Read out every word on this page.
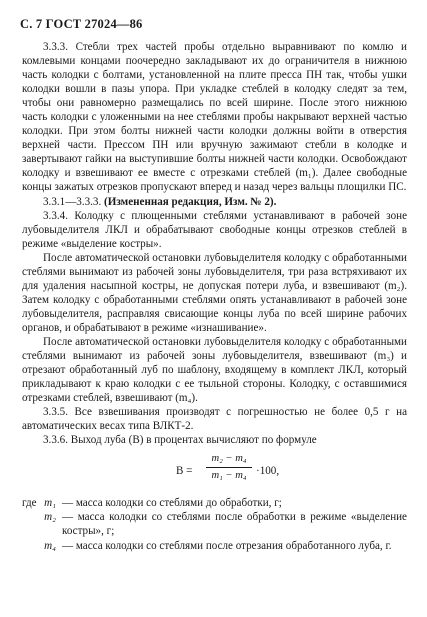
С. 7 ГОСТ 27024—86

3.3.3. Стебли трех частей пробы отдельно выравнивают по комлю и комлевыми концами поочередно закладывают их до ограничителя в нижнюю часть колодки с болтами, установленной на плите пресса ПН так, чтобы ушки колодки вошли в пазы упора. При укладке стеблей в колодку следят за тем, чтобы они равномерно размещались по всей ширине. После этого нижнюю часть колодки с уложенными на нее стеблями пробы накрывают верхней частью колодки. При этом болты нижней части колодки должны войти в отверстия верхней части. Прессом ПН или вручную зажимают стебли в колодке и завертывают гайки на выступившие болты нижней части колодки. Освобождают колодку и взвешивают ее вместе с отрезками стеблей (m₁). Далее свободные концы зажатых отрезков пропускают вперед и назад через вальцы площилки ПС.

3.3.1—3.3.3. (Измененная редакция, Изм. № 2).

3.3.4. Колодку с плющенными стеблями устанавливают в рабочей зоне лубовыделителя ЛКЛ и обрабатывают свободные концы отрезков стеблей в режиме «выделение костры».

После автоматической остановки лубовыделителя колодку с обработанными стеблями вынимают из рабочей зоны лубовыделителя, три раза встряхивают их для удаления насыпной костры, не допуская потери луба, и взвешивают (m₂). Затем колодку с обработанными стеблями опять устанавливают в рабочей зоне лубовыделителя, расправляя свисающие концы луба по всей ширине рабочих органов, и обрабатывают в режиме «изнашивание».

После автоматической остановки лубовыделителя колодку с обработанными стеблями вынимают из рабочей зоны лубовыделителя, взвешивают (m₃) и отрезают обработанный луб по шаблону, входящему в комплект ЛКЛ, который прикладывают к краю колодки с ее тыльной стороны. Колодку, с оставшимися отрезками стеблей, взвешивают (m₄).

3.3.5. Все взвешивания производят с погрешностью не более 0,5 г на автоматических весах типа ВЛКТ-2.

3.3.6. Выход луба (В) в процентах вычисляют по формуле

$В = \frac{\text{m₂ − m₄}}{\text{m₁ − m₄}} \cdot 100$,
где m₁ — масса колодки со стеблями до обработки, г;
m₂ — масса колодки со стеблями после обработки в режиме «выделение костры», г;
m₄ — масса колодки со стеблями после отрезания обработанного луба, г.
